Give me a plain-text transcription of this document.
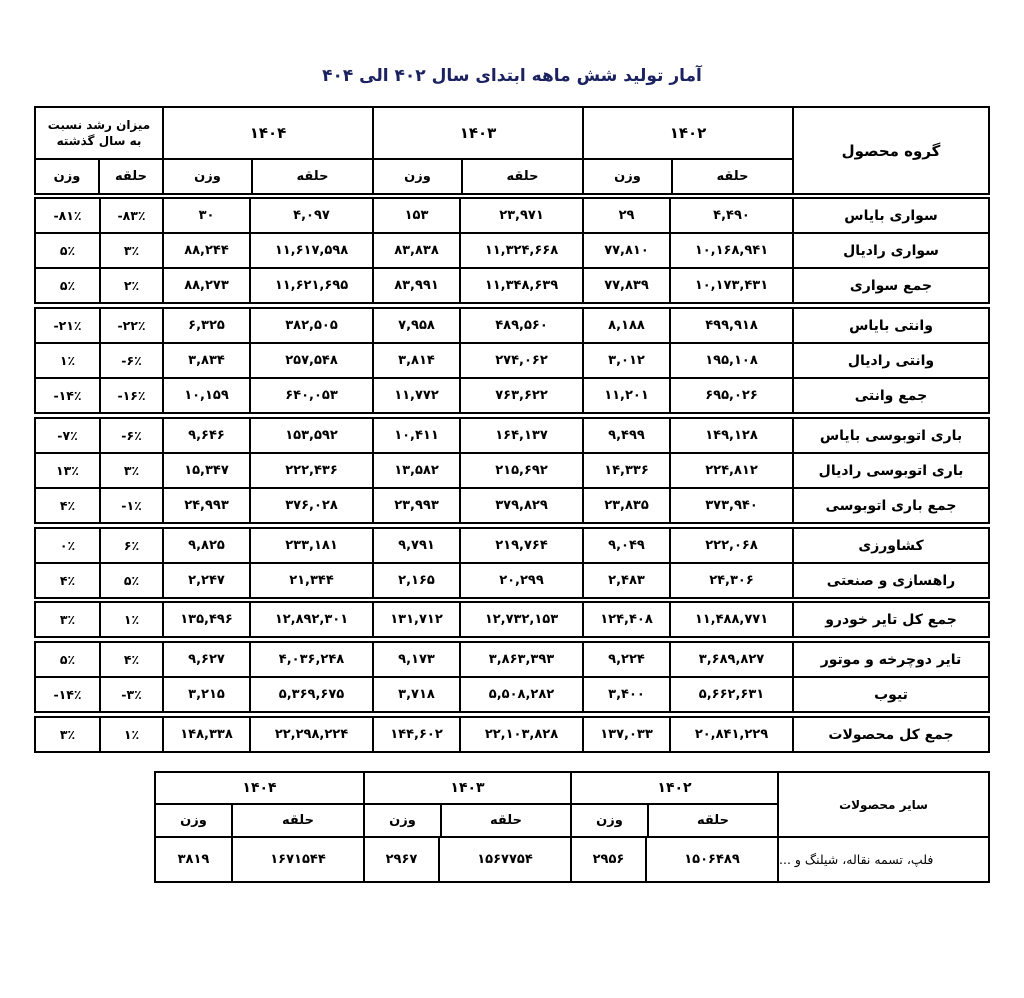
آمار تولید شش ماهه ابتدای سال ۴۰۲ الی ۴۰۴
میزان رشد نسبت به سال گذشته
وزن	حلقه
۱۴۰۴
وزن	حلقه
۱۴۰۳
وزن	حلقه
۱۴۰۲
وزن	حلقه
گروه محصول
-۸۱٪	-۸۳٪	۳۰	۴,۰۹۷	۱۵۳	۲۳,۹۷۱	۲۹	۴,۴۹۰	سواری بایاس
۵٪	۳٪	۸۸,۲۴۴	۱۱,۶۱۷,۵۹۸	۸۳,۸۳۸	۱۱,۳۲۴,۶۶۸	۷۷,۸۱۰	۱۰,۱۶۸,۹۴۱	سواری رادیال
۵٪	۲٪	۸۸,۲۷۳	۱۱,۶۲۱,۶۹۵	۸۳,۹۹۱	۱۱,۳۴۸,۶۳۹	۷۷,۸۳۹	۱۰,۱۷۳,۴۳۱	جمع سواری
-۲۱٪	-۲۲٪	۶,۳۲۵	۳۸۲,۵۰۵	۷,۹۵۸	۴۸۹,۵۶۰	۸,۱۸۸	۴۹۹,۹۱۸	وانتی بایاس
۱٪	-۶٪	۳,۸۳۴	۲۵۷,۵۴۸	۳,۸۱۴	۲۷۴,۰۶۲	۳,۰۱۲	۱۹۵,۱۰۸	وانتی رادیال
-۱۴٪	-۱۶٪	۱۰,۱۵۹	۶۴۰,۰۵۳	۱۱,۷۷۲	۷۶۳,۶۲۲	۱۱,۲۰۱	۶۹۵,۰۲۶	جمع وانتی
-۷٪	-۶٪	۹,۶۴۶	۱۵۳,۵۹۲	۱۰,۴۱۱	۱۶۴,۱۳۷	۹,۴۹۹	۱۴۹,۱۲۸	باری اتوبوسی بایاس
۱۳٪	۳٪	۱۵,۳۴۷	۲۲۲,۴۳۶	۱۳,۵۸۲	۲۱۵,۶۹۲	۱۴,۳۳۶	۲۲۴,۸۱۲	باری اتوبوسی رادیال
۴٪	-۱٪	۲۴,۹۹۳	۳۷۶,۰۲۸	۲۳,۹۹۳	۳۷۹,۸۲۹	۲۳,۸۳۵	۳۷۳,۹۴۰	جمع باری اتوبوسی
۰٪	۶٪	۹,۸۲۵	۲۳۳,۱۸۱	۹,۷۹۱	۲۱۹,۷۶۴	۹,۰۴۹	۲۲۲,۰۶۸	کشاورزی
۴٪	۵٪	۲,۲۴۷	۲۱,۳۴۴	۲,۱۶۵	۲۰,۲۹۹	۲,۴۸۳	۲۴,۳۰۶	راهسازی و صنعتی
۳٪	۱٪	۱۳۵,۴۹۶	۱۲,۸۹۲,۳۰۱	۱۳۱,۷۱۲	۱۲,۷۳۲,۱۵۳	۱۲۴,۴۰۸	۱۱,۴۸۸,۷۷۱	جمع کل تایر خودرو
۵٪	۴٪	۹,۶۲۷	۴,۰۳۶,۲۴۸	۹,۱۷۳	۳,۸۶۳,۳۹۳	۹,۲۲۴	۳,۶۸۹,۸۲۷	تایر دوچرخه و موتور
-۱۴٪	-۳٪	۳,۲۱۵	۵,۳۶۹,۶۷۵	۳,۷۱۸	۵,۵۰۸,۲۸۲	۳,۴۰۰	۵,۶۶۲,۶۳۱	تیوب
۳٪	۱٪	۱۴۸,۳۳۸	۲۲,۲۹۸,۲۲۴	۱۴۴,۶۰۲	۲۲,۱۰۳,۸۲۸	۱۳۷,۰۳۳	۲۰,۸۴۱,۲۲۹	جمع کل محصولات
۱۴۰۴
وزن	حلقه
۱۴۰۳
وزن	حلقه
۱۴۰۲
وزن	حلقه
سایر محصولات
۳۸۱۹	۱۶۷۱۵۴۴	۲۹۶۷	۱۵۶۷۷۵۴	۲۹۵۶	۱۵۰۶۴۸۹	فلپ، تسمه نقاله، شیلنگ و ...
